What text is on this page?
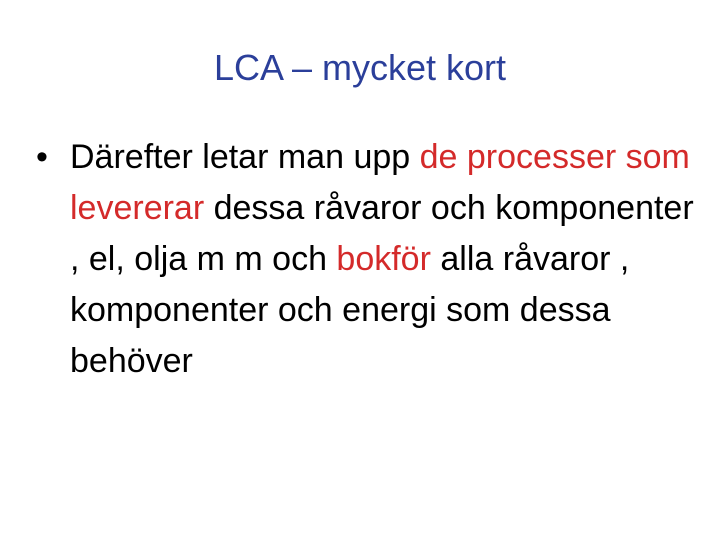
LCA – mycket kort
• Därefter letar man upp de processer som levererar dessa råvaror och komponenter , el, olja m m och bokför alla råvaror , komponenter och energi som dessa behöver
